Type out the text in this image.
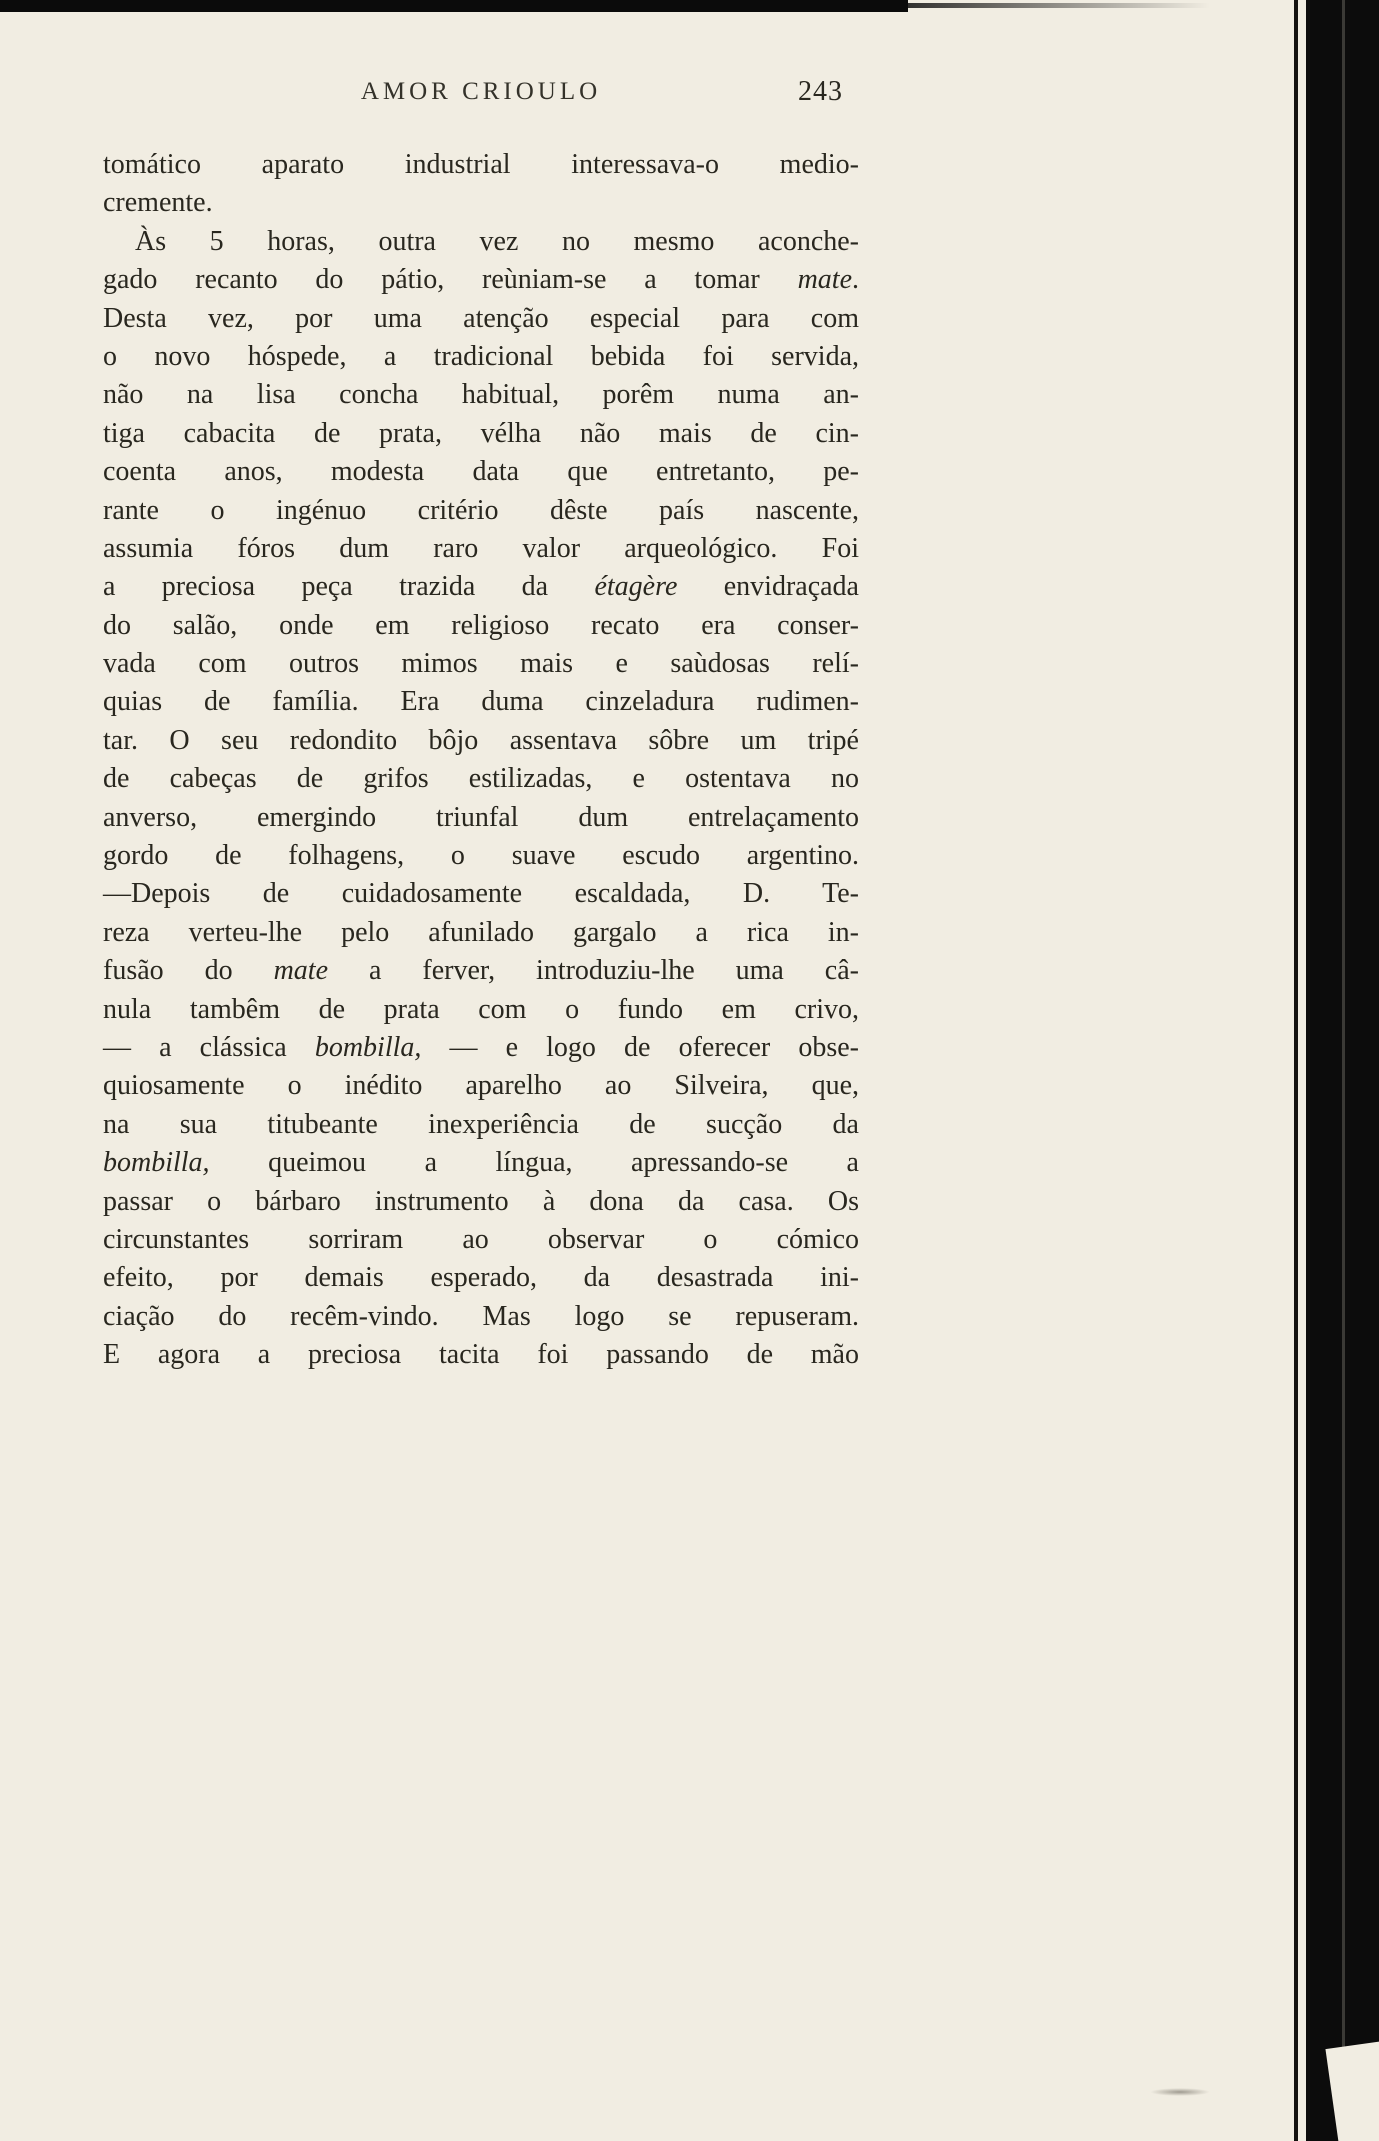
AMOR CRIOULO	243
tomático aparato industrial interessava-o medio-
cremente.
Às 5 horas, outra vez no mesmo aconche-
gado recanto do pátio, reùniam-se a tomar mate.
Desta vez, por uma atenção especial para com
o novo hóspede, a tradicional bebida foi servida,
não na lisa concha habitual, porêm numa an-
tiga cabacita de prata, vélha não mais de cin-
coenta anos, modesta data que entretanto, pe-
rante o ingénuo critério dêste país nascente,
assumia fóros dum raro valor arqueológico. Foi
a preciosa peça trazida da étagère envidraçada
do salão, onde em religioso recato era conser-
vada com outros mimos mais e saùdosas relí-
quias de família. Era duma cinzeladura rudimen-
tar. O seu redondito bôjo assentava sôbre um tripé
de cabeças de grifos estilizadas, e ostentava no
anverso, emergindo triunfal dum entrelaçamento
gordo de folhagens, o suave escudo argentino.
—Depois de cuidadosamente escaldada, D. Te-
reza verteu-lhe pelo afunilado gargalo a rica in-
fusão do mate a ferver, introduziu-lhe uma câ-
nula tambêm de prata com o fundo em crivo,
— a clássica bombilla, — e logo de oferecer obse-
quiosamente o inédito aparelho ao Silveira, que,
na sua titubeante inexperiência de sucção da
bombilla, queimou a língua, apressando-se a
passar o bárbaro instrumento à dona da casa. Os
circunstantes sorriram ao observar o cómico
efeito, por demais esperado, da desastrada ini-
ciação do recêm-vindo. Mas logo se repuseram.
E agora a preciosa tacita foi passando de mão
